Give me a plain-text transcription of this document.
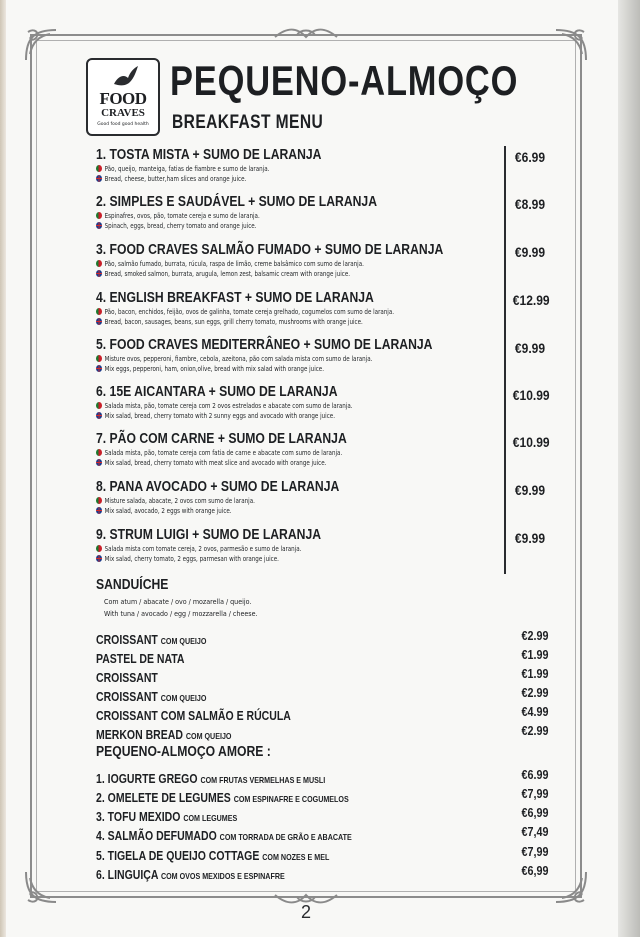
FOOD
CRAVES
Good food good health
PEQUENO-ALMOÇO
BREAKFAST MENU
1. TOSTA MISTA + SUMO DE LARANJA
Pão, queijo, manteiga, fatias de fiambre e sumo de laranja.
Bread, cheese, butter,ham slices and orange juice.
€6.99
2. SIMPLES E SAUDÁVEL + SUMO DE LARANJA
Espinafres, ovos, pão, tomate cereja e sumo de laranja.
Spinach, eggs, bread, cherry tomato and orange juice.
€8.99
3. FOOD CRAVES SALMÃO FUMADO + SUMO DE LARANJA
Pão, salmão fumado, burrata, rúcula, raspa de limão, creme balsâmico com sumo de laranja.
Bread, smoked salmon, burrata, arugula, lemon zest, balsamic cream with orange juice.
€9.99
4. ENGLISH BREAKFAST + SUMO DE LARANJA
Pão, bacon, enchidos, feijão, ovos de galinha, tomate cereja grelhado, cogumelos com sumo de laranja.
Bread, bacon, sausages, beans, sun eggs, grill cherry tomato, mushrooms with orange juice.
€12.99
5. FOOD CRAVES MEDITERRÂNEO + SUMO DE LARANJA
Misture ovos, pepperoni, fiambre, cebola, azeitona, pão com salada mista com sumo de laranja.
Mix eggs, pepperoni, ham, onion,olive, bread with mix salad with orange juice.
€9.99
6. 15E AICANTARA + SUMO DE LARANJA
Salada mista, pão, tomate cereja com 2 ovos estrelados e abacate com sumo de laranja.
Mix salad, bread, cherry tomato with 2 sunny eggs and avocado with orange juice.
€10.99
7. PÃO COM CARNE + SUMO DE LARANJA
Salada mista, pão, tomate cereja com fatia de carne e abacate com sumo de laranja.
Mix salad, bread, cherry tomato with meat slice and avocado with orange juice.
€10.99
8. PANA AVOCADO + SUMO DE LARANJA
Misture salada, abacate, 2 ovos com sumo de laranja.
Mix salad, avocado, 2 eggs with orange juice.
€9.99
9. STRUM LUIGI + SUMO DE LARANJA
Salada mista com tomate cereja, 2 ovos, parmesão e sumo de laranja.
Mix salad, cherry tomato, 2 eggs, parmesan with orange juice.
€9.99
SANDUÍCHE
Com atum / abacate / ovo / mozarella / queijo.
With tuna / avocado / egg / mozzarella / cheese.
CROISSANT COM QUEIJO	€2.99
PASTEL DE NATA	€1.99
CROISSANT	€1.99
CROISSANT COM QUEIJO	€2.99
CROISSANT COM SALMÃO E RÚCULA	€4.99
MERKON BREAD COM QUEIJO	€2.99
PEQUENO-ALMOÇO AMORE :
1. IOGURTE GREGO COM FRUTAS VERMELHAS E MUSLI	€6.99
2. OMELETE DE LEGUMES COM ESPINAFRE E COGUMELOS	€7,99
3. TOFU MEXIDO COM LEGUMES	€6,99
4. SALMÃO DEFUMADO COM TORRADA DE GRÃO E ABACATE	€7,49
5. TIGELA DE QUEIJO COTTAGE COM NOZES E MEL	€7,99
6. LINGUIÇA COM OVOS MEXIDOS E ESPINAFRE	€6,99
2
